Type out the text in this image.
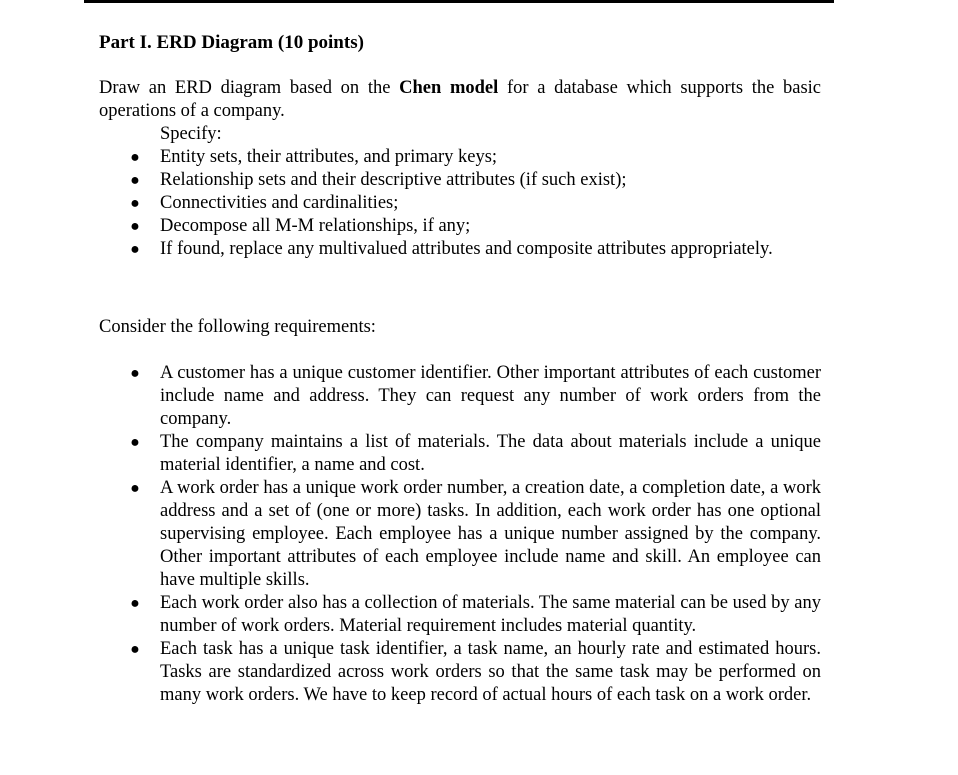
Part I. ERD Diagram (10 points)

Draw an ERD diagram based on the Chen model for a database which supports the basic operations of a company.

Specify:
● Entity sets, their attributes, and primary keys;
● Relationship sets and their descriptive attributes (if such exist);
● Connectivities and cardinalities;
● Decompose all M-M relationships, if any;
● If found, replace any multivalued attributes and composite attributes appropriately.

Consider the following requirements:

● A customer has a unique customer identifier. Other important attributes of each customer include name and address. They can request any number of work orders from the company.
● The company maintains a list of materials. The data about materials include a unique material identifier, a name and cost.
● A work order has a unique work order number, a creation date, a completion date, a work address and a set of (one or more) tasks. In addition, each work order has one optional supervising employee. Each employee has a unique number assigned by the company. Other important attributes of each employee include name and skill. An employee can have multiple skills.
● Each work order also has a collection of materials. The same material can be used by any number of work orders. Material requirement includes material quantity.
● Each task has a unique task identifier, a task name, an hourly rate and estimated hours. Tasks are standardized across work orders so that the same task may be performed on many work orders. We have to keep record of actual hours of each task on a work order.
